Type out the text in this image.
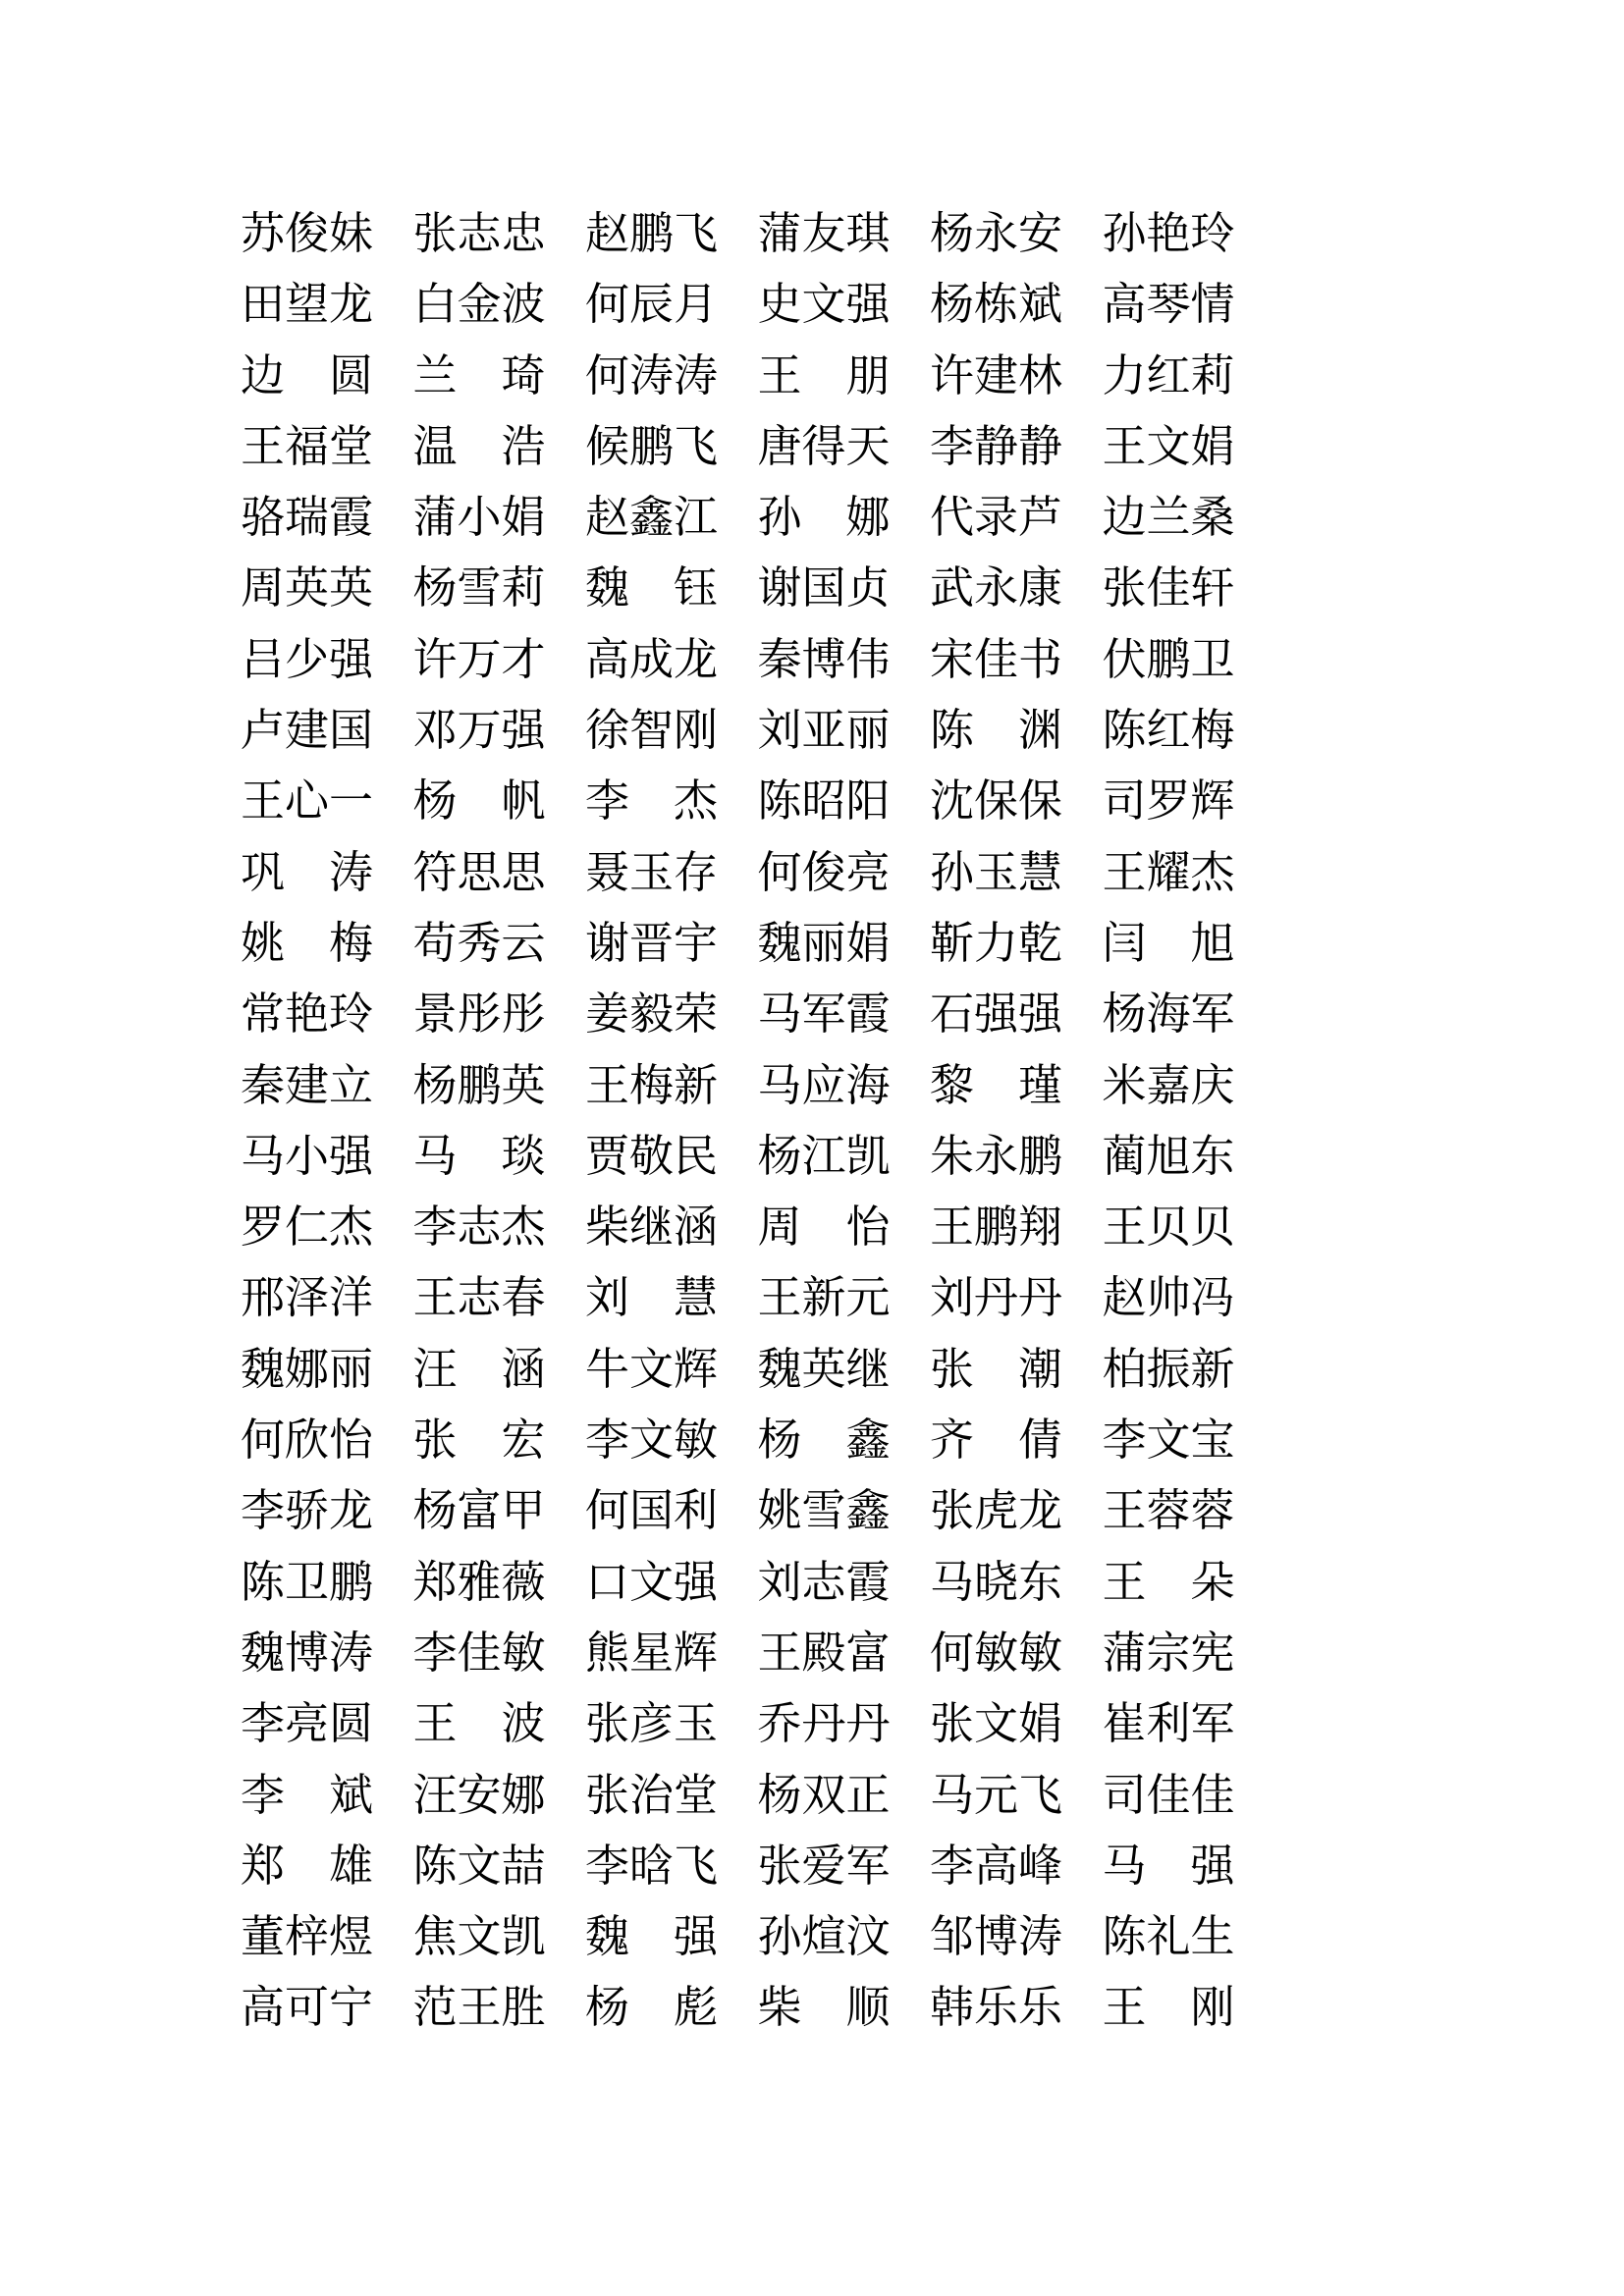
苏 俊 妹 张 志 忠 赵 鹏 飞 蒲 友 琪 杨 永 安 孙 艳 玲
田 望 龙 白 金 波 何 辰 月 史 文 强 杨 栋 斌 高 琴 情
边 圆 兰 琦 何 涛 涛 王 朋 许 建 林 力 红 莉
王 福 堂 温 浩 候 鹏 飞 唐 得 天 李 静 静 王 文 娟
骆 瑞 霞 蒲 小 娟 赵 鑫 江 孙 娜 代 录 芦 边 兰 桑
周 英 英 杨 雪 莉 魏 钰 谢 国 贞 武 永 康 张 佳 轩
吕 少 强 许 万 才 高 成 龙 秦 博 伟 宋 佳 书 伏 鹏 卫
卢 建 国 邓 万 强 徐 智 刚 刘 亚 丽 陈 渊 陈 红 梅
王 心 一 杨 帆 李 杰 陈 昭 阳 沈 保 保 司 罗 辉
巩 涛 符 思 思 聂 玉 存 何 俊 亮 孙 玉 慧 王 耀 杰
姚 梅 苟 秀 云 谢 晋 宇 魏 丽 娟 靳 力 乾 闫 旭
常 艳 玲 景 彤 彤 姜 毅 荣 马 军 霞 石 强 强 杨 海 军
秦 建 立 杨 鹏 英 王 梅 新 马 应 海 黎 瑾 米 嘉 庆
马 小 强 马 琰 贾 敬 民 杨 江 凯 朱 永 鹏 蔺 旭 东
罗 仁 杰 李 志 杰 柴 继 涵 周 怡 王 鹏 翔 王 贝 贝
邢 泽 洋 王 志 春 刘 慧 王 新 元 刘 丹 丹 赵 帅 冯
魏 娜 丽 汪 涵 牛 文 辉 魏 英 继 张 潮 柏 振 新
何 欣 怡 张 宏 李 文 敏 杨 鑫 齐 倩 李 文 宝
李 骄 龙 杨 富 甲 何 国 利 姚 雪 鑫 张 虎 龙 王 蓉 蓉
陈 卫 鹏 郑 雅 薇 口 文 强 刘 志 霞 马 晓 东 王 朵
魏 博 涛 李 佳 敏 熊 星 辉 王 殿 富 何 敏 敏 蒲 宗 宪
李 亮 圆 王 波 张 彦 玉 乔 丹 丹 张 文 娟 崔 利 军
李 斌 汪 安 娜 张 治 堂 杨 双 正 马 元 飞 司 佳 佳
郑 雄 陈 文 喆 李 晗 飞 张 爱 军 李 高 峰 马 强
董 梓 煜 焦 文 凯 魏 强 孙 煊 汶 邹 博 涛 陈 礼 生
高 可 宁 范 王 胜 杨 彪 柴 顺 韩 乐 乐 王 刚
